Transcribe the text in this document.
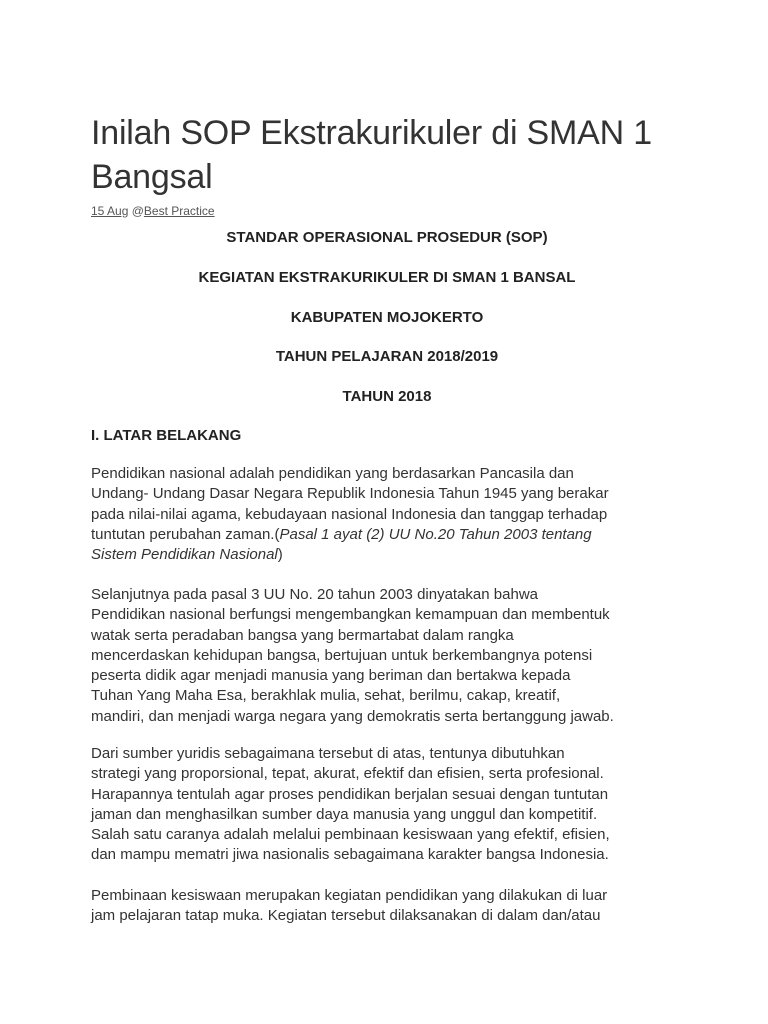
Inilah SOP Ekstrakurikuler di SMAN 1 Bangsal
15 Aug @Best Practice

STANDAR OPERASIONAL PROSEDUR (SOP)

KEGIATAN EKSTRAKURIKULER DI SMAN 1 BANSAL

KABUPATEN MOJOKERTO

TAHUN PELAJARAN 2018/2019

TAHUN 2018

I. LATAR BELAKANG

Pendidikan nasional adalah pendidikan yang berdasarkan Pancasila dan
Undang- Undang Dasar Negara Republik Indonesia Tahun 1945 yang berakar
pada nilai-nilai agama, kebudayaan nasional Indonesia dan tanggap terhadap
tuntutan perubahan zaman.(Pasal 1 ayat (2) UU No.20 Tahun 2003 tentang
Sistem Pendidikan Nasional)

Selanjutnya pada pasal 3 UU No. 20 tahun 2003 dinyatakan bahwa
Pendidikan nasional berfungsi mengembangkan kemampuan dan membentuk
watak serta peradaban bangsa yang bermartabat dalam rangka
mencerdaskan kehidupan bangsa, bertujuan untuk berkembangnya potensi
peserta didik agar menjadi manusia yang beriman dan bertakwa kepada
Tuhan Yang Maha Esa, berakhlak mulia, sehat, berilmu, cakap, kreatif,
mandiri, dan menjadi warga negara yang demokratis serta bertanggung jawab.

Dari sumber yuridis sebagaimana tersebut di atas, tentunya dibutuhkan
strategi yang proporsional, tepat, akurat, efektif dan efisien, serta profesional.
Harapannya tentulah agar proses pendidikan berjalan sesuai dengan tuntutan
jaman dan menghasilkan sumber daya manusia yang unggul dan kompetitif.
Salah satu caranya adalah melalui pembinaan kesiswaan yang efektif, efisien,
dan mampu mematri jiwa nasionalis sebagaimana karakter bangsa Indonesia.

Pembinaan kesiswaan merupakan kegiatan pendidikan yang dilakukan di luar
jam pelajaran tatap muka. Kegiatan tersebut dilaksanakan di dalam dan/atau
